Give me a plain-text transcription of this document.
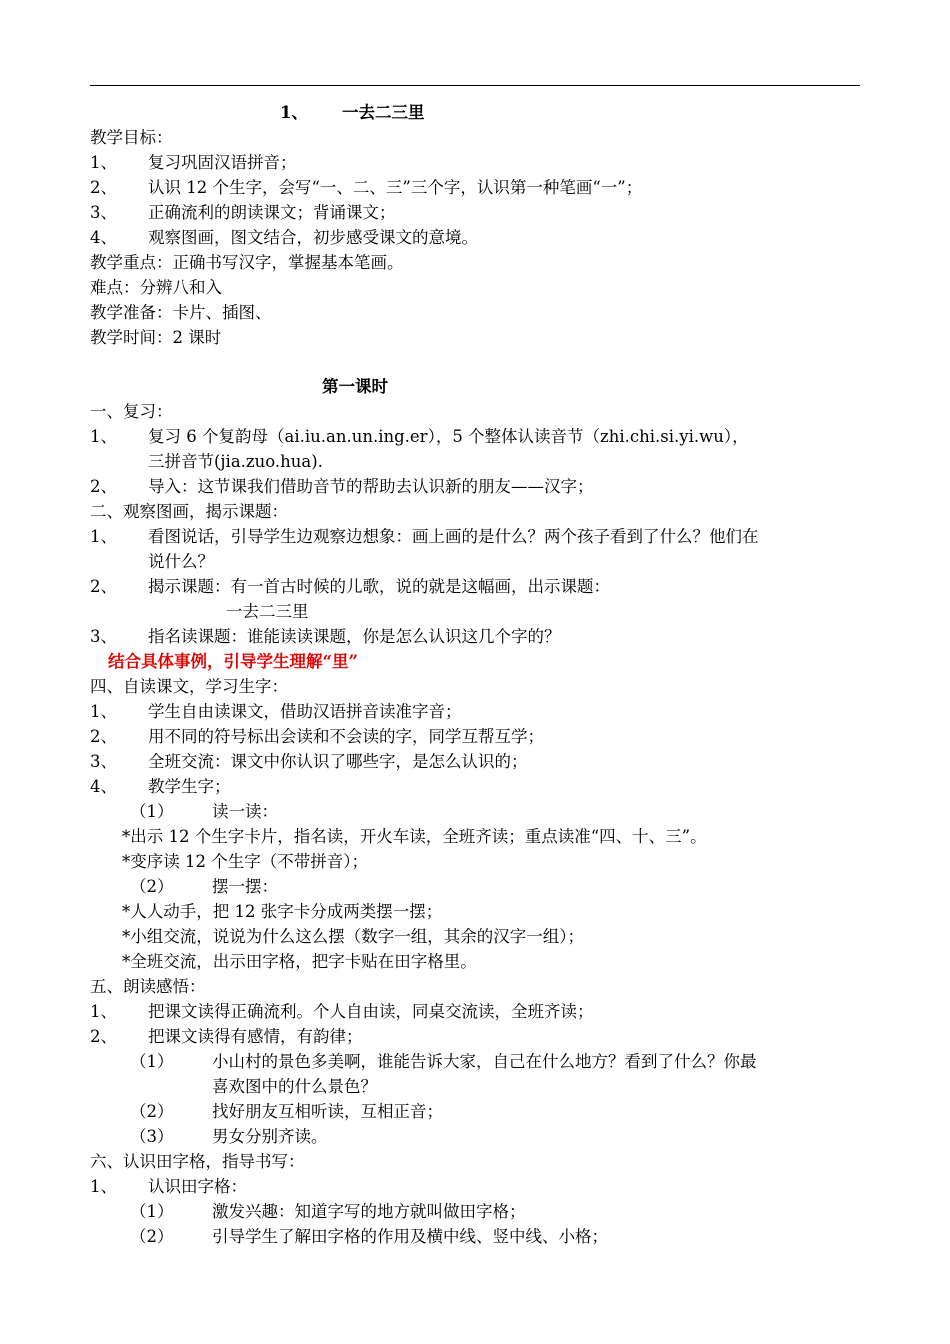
1、 一去二三里
教学目标：
1、 复习巩固汉语拼音；
2、 认识 12 个生字，会写“一、二、三”三个字，认识第一种笔画“一”；
3、 正确流利的朗读课文；背诵课文；
4、 观察图画，图文结合，初步感受课文的意境。
教学重点：正确书写汉字，掌握基本笔画。
难点：分辨八和入
教学准备：卡片、插图、
教学时间：2 课时
第一课时
一、复习：
1、 复习 6 个复韵母（ai.iu.an.un.ing.er），5 个整体认读音节（zhi.chi.si.yi.wu），
三拼音节(jia.zuo.hua).
2、 导入：这节课我们借助音节的帮助去认识新的朋友——汉字；
二、观察图画，揭示课题：
1、 看图说话，引导学生边观察边想象：画上画的是什么？两个孩子看到了什么？他们在
说什么？
2、 揭示课题：有一首古时候的儿歌，说的就是这幅画，出示课题：
一去二三里
3、 指名读课题：谁能读读课题，你是怎么认识这几个字的？
结合具体事例，引导学生理解“里”
四、自读课文，学习生字：
1、 学生自由读课文，借助汉语拼音读准字音；
2、 用不同的符号标出会读和不会读的字，同学互帮互学；
3、 全班交流：课文中你认识了哪些字，是怎么认识的；
4、 教学生字；
（1） 读一读：
*出示 12 个生字卡片，指名读，开火车读，全班齐读；重点读准“四、十、三”。
*变序读 12 个生字（不带拼音）；
（2） 摆一摆：
*人人动手，把 12 张字卡分成两类摆一摆；
*小组交流，说说为什么这么摆（数字一组，其余的汉字一组）；
*全班交流，出示田字格，把字卡贴在田字格里。
五、朗读感悟：
1、 把课文读得正确流利。个人自由读，同桌交流读，全班齐读；
2、 把课文读得有感情，有韵律；
（1） 小山村的景色多美啊，谁能告诉大家，自己在什么地方？看到了什么？你最
喜欢图中的什么景色？
（2） 找好朋友互相听读，互相正音；
（3） 男女分别齐读。
六、认识田字格，指导书写：
1、 认识田字格：
（1） 激发兴趣：知道字写的地方就叫做田字格；
（2） 引导学生了解田字格的作用及横中线、竖中线、小格；
